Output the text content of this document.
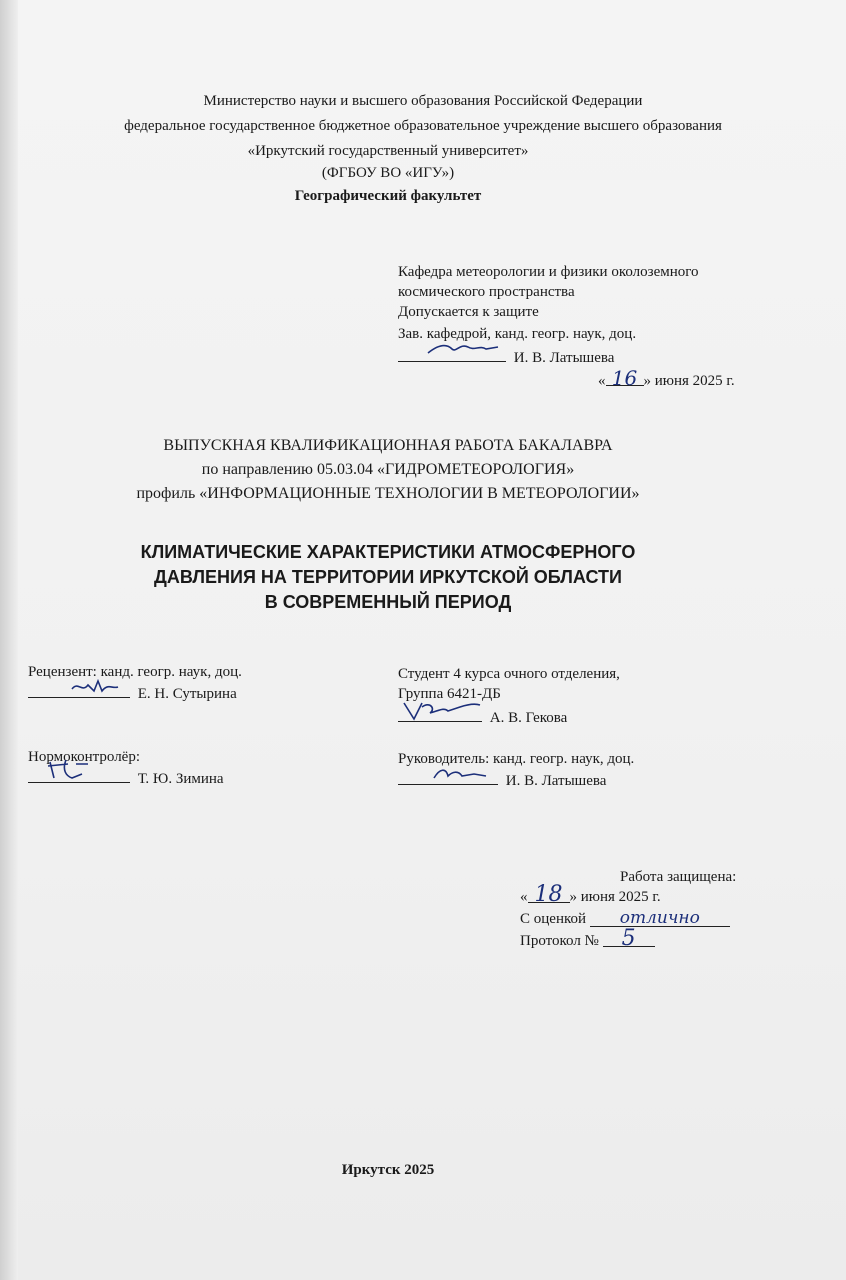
Министерство науки и высшего образования Российской Федерации
федеральное государственное бюджетное образовательное учреждение высшего образования
«Иркутский государственный университет»
(ФГБОУ ВО «ИГУ»)
Географический факультет
Кафедра метеорологии и физики околоземного
космического пространства
Допускается к защите
Зав. кафедрой, канд. геогр. наук, доц.
И. В. Латышева
« 16 » июня 2025 г.
ВЫПУСКНАЯ КВАЛИФИКАЦИОННАЯ РАБОТА БАКАЛАВРА
по направлению 05.03.04 «ГИДРОМЕТЕОРОЛОГИЯ»
профиль «ИНФОРМАЦИОННЫЕ ТЕХНОЛОГИИ В МЕТЕОРОЛОГИИ»
КЛИМАТИЧЕСКИЕ ХАРАКТЕРИСТИКИ АТМОСФЕРНОГО
ДАВЛЕНИЯ НА ТЕРРИТОРИИ ИРКУТСКОЙ ОБЛАСТИ
В СОВРЕМЕННЫЙ ПЕРИОД
Рецензент: канд. геогр. наук, доц.
Е. Н. Сутырина
Нормоконтролёр:
Т. Ю. Зимина
Студент 4 курса очного отделения,
Группа 6421-ДБ
А. В. Гекова
Руководитель: канд. геогр. наук, доц.
И. В. Латышева
Работа защищена:
« 18 » июня 2025 г.
С оценкой отлично
Протокол № 5
Иркутск 2025
